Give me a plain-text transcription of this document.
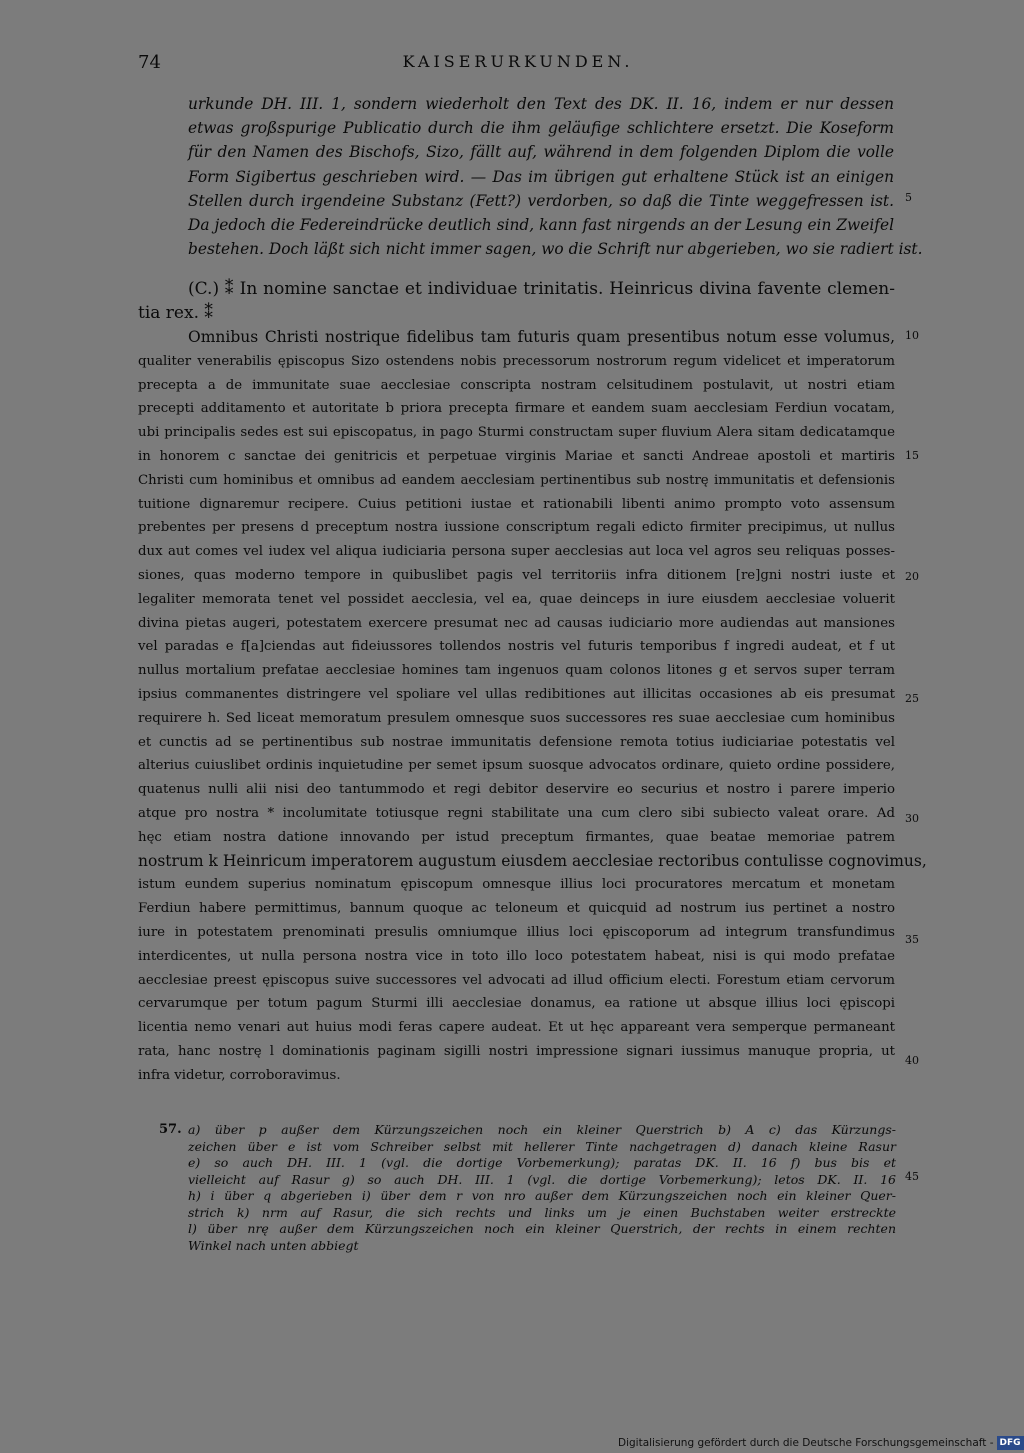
74	KAISERURKUNDEN.
urkunde DH. III. 1, sondern wiederholt den Text des DK. II. 16, indem er nur dessen
etwas großspurige Publicatio durch die ihm geläufige schlichtere ersetzt. Die Koseform
für den Namen des Bischofs, Sizo, fällt auf, während in dem folgenden Diplom die volle
Form Sigibertus geschrieben wird. — Das im übrigen gut erhaltene Stück ist an einigen
Stellen durch irgendeine Substanz (Fett?) verdorben, so daß die Tinte weggefressen ist.
Da jedoch die Federeindrücke deutlich sind, kann fast nirgends an der Lesung ein Zweifel
bestehen. Doch läßt sich nicht immer sagen, wo die Schrift nur abgerieben, wo sie radiert ist.
(C.) ⁑ In nomine sanctae et individuae trinitatis. Heinricus divina favente clemen-
tia rex. ⁑
Omnibus Christi nostrique fidelibus tam futuris quam presentibus notum esse volumus,
qualiter venerabilis ępiscopus Sizo ostendens nobis precessorum nostrorum regum videlicet et imperatorum
precepta a de immunitate suae aecclesiae conscripta nostram celsitudinem postulavit, ut nostri etiam
precepti additamento et autoritate b priora precepta firmare et eandem suam aecclesiam Ferdiun vocatam,
ubi principalis sedes est sui episcopatus, in pago Sturmi constructam super fluvium Alera sitam dedicatamque
in honorem c sanctae dei genitricis et perpetuae virginis Mariae et sancti Andreae apostoli et martiris
Christi cum hominibus et omnibus ad eandem aecclesiam pertinentibus sub nostrę immunitatis et defensionis
tuitione dignaremur recipere. Cuius petitioni iustae et rationabili libenti animo prompto voto assensum
prebentes per presens d preceptum nostra iussione conscriptum regali edicto firmiter precipimus, ut nullus
dux aut comes vel iudex vel aliqua iudiciaria persona super aecclesias aut loca vel agros seu reliquas posses-
siones, quas moderno tempore in quibuslibet pagis vel territoriis infra ditionem [re]gni nostri iuste et
legaliter memorata tenet vel possidet aecclesia, vel ea, quae deinceps in iure eiusdem aecclesiae voluerit
divina pietas augeri, potestatem exercere presumat nec ad causas iudiciario more audiendas aut mansiones
vel paradas e f[a]ciendas aut fideiussores tollendos nostris vel futuris temporibus f ingredi audeat, et f ut
nullus mortalium prefatae aecclesiae homines tam ingenuos quam colonos litones g et servos super terram
ipsius commanentes distringere vel spoliare vel ullas redibitiones aut illicitas occasiones ab eis presumat
requirere h. Sed liceat memoratum presulem omnesque suos successores res suae aecclesiae cum hominibus
et cunctis ad se pertinentibus sub nostrae immunitatis defensione remota totius iudiciariae potestatis vel
alterius cuiuslibet ordinis inquietudine per semet ipsum suosque advocatos ordinare, quieto ordine possidere,
quatenus nulli alii nisi deo tantummodo et regi debitor deservire eo securius et nostro i parere imperio
atque pro nostra * incolumitate totiusque regni stabilitate una cum clero sibi subiecto valeat orare. Ad
hęc etiam nostra datione innovando per istud preceptum firmantes, quae beatae memoriae patrem
nostrum k Heinricum imperatorem augustum eiusdem aecclesiae rectoribus contulisse cognovimus,
istum eundem superius nominatum ępiscopum omnesque illius loci procuratores mercatum et monetam
Ferdiun habere permittimus, bannum quoque ac teloneum et quicquid ad nostrum ius pertinet a nostro
iure in potestatem prenominati presulis omniumque illius loci ępiscoporum ad integrum transfundimus
interdicentes, ut nulla persona nostra vice in toto illo loco potestatem habeat, nisi is qui modo prefatae
aecclesiae preest ępiscopus suive successores vel advocati ad illud officium electi. Forestum etiam cervorum
cervarumque per totum pagum Sturmi illi aecclesiae donamus, ea ratione ut absque illius loci ępiscopi
licentia nemo venari aut huius modi feras capere audeat. Et ut hęc appareant vera semperque permaneant
rata, hanc nostrę l dominationis paginam sigilli nostri impressione signari iussimus manuque propria, ut
infra videtur, corroboravimus.
57. a) über p außer dem Kürzungszeichen noch ein kleiner Querstrich b) A c) das Kürzungs-
zeichen über e ist vom Schreiber selbst mit hellerer Tinte nachgetragen d) danach kleine Rasur
e) so auch DH. III. 1 (vgl. die dortige Vorbemerkung); paratas DK. II. 16 f) bus bis et
vielleicht auf Rasur g) so auch DH. III. 1 (vgl. die dortige Vorbemerkung); letos DK. II. 16
h) i über q abgerieben i) über dem r von nro außer dem Kürzungszeichen noch ein kleiner Quer-
strich k) nrm auf Rasur, die sich rechts und links um je einen Buchstaben weiter erstreckte
l) über nrę außer dem Kürzungszeichen noch ein kleiner Querstrich, der rechts in einem rechten
Winkel nach unten abbiegt
5
10
15
20
25
30
35
40
45
Digitalisierung gefördert durch die Deutsche Forschungsgemeinschaft - DFG
